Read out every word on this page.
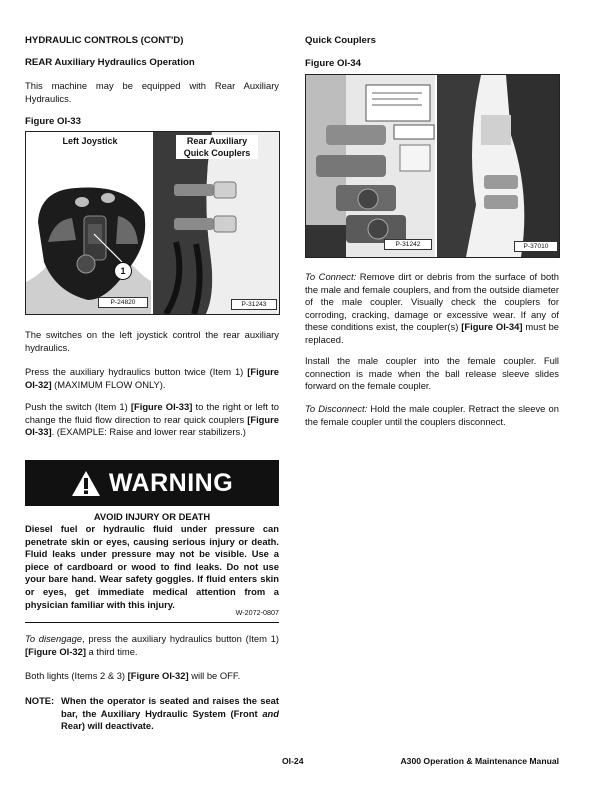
HYDRAULIC CONTROLS (CONT'D)
REAR Auxiliary Hydraulics Operation
This machine may be equipped with Rear Auxiliary Hydraulics.
Figure OI-33
Left Joystick	Rear Auxiliary Quick Couplers
1
P-24820	P-31243
The switches on the left joystick control the rear auxiliary hydraulics.
Press the auxiliary hydraulics button twice (Item 1) [Figure OI-32] (MAXIMUM FLOW ONLY).
Push the switch (Item 1) [Figure OI-33] to the right or left to change the fluid flow direction to rear quick couplers [Figure OI-33]. (EXAMPLE: Raise and lower rear stabilizers.)
WARNING
AVOID INJURY OR DEATH
Diesel fuel or hydraulic fluid under pressure can penetrate skin or eyes, causing serious injury or death. Fluid leaks under pressure may not be visible. Use a piece of cardboard or wood to find leaks. Do not use your bare hand. Wear safety goggles. If fluid enters skin or eyes, get immediate medical attention from a physician familiar with this injury.
W-2072-0807
To disengage, press the auxiliary hydraulics button (Item 1) [Figure OI-32] a third time.
Both lights (Items 2 & 3) [Figure OI-32] will be OFF.
NOTE: When the operator is seated and raises the seat bar, the Auxiliary Hydraulic System (Front and Rear) will deactivate.
Quick Couplers
Figure OI-34
P-31242	P-37010
To Connect: Remove dirt or debris from the surface of both the male and female couplers, and from the outside diameter of the male coupler. Visually check the couplers for corroding, cracking, damage or excessive wear. If any of these conditions exist, the coupler(s) [Figure OI-34] must be replaced.
Install the male coupler into the female coupler. Full connection is made when the ball release sleeve slides forward on the female coupler.
To Disconnect: Hold the male coupler. Retract the sleeve on the female coupler until the couplers disconnect.
OI-24	A300 Operation & Maintenance Manual
